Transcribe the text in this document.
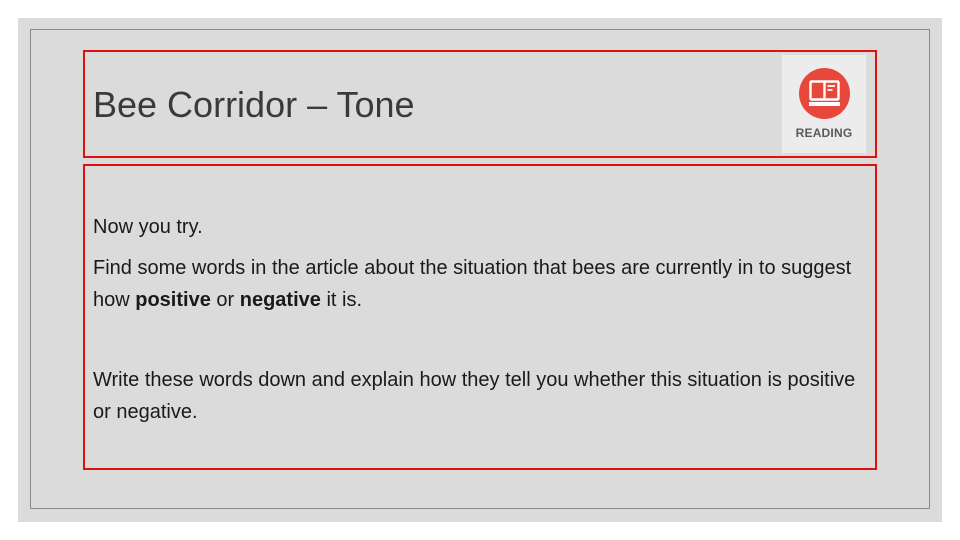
Bee Corridor – Tone
READING

Now you try.

Find some words in the article about the situation that bees are currently in to suggest how positive or negative it is.

Write these words down and explain how they tell you whether this situation is positive or negative.
